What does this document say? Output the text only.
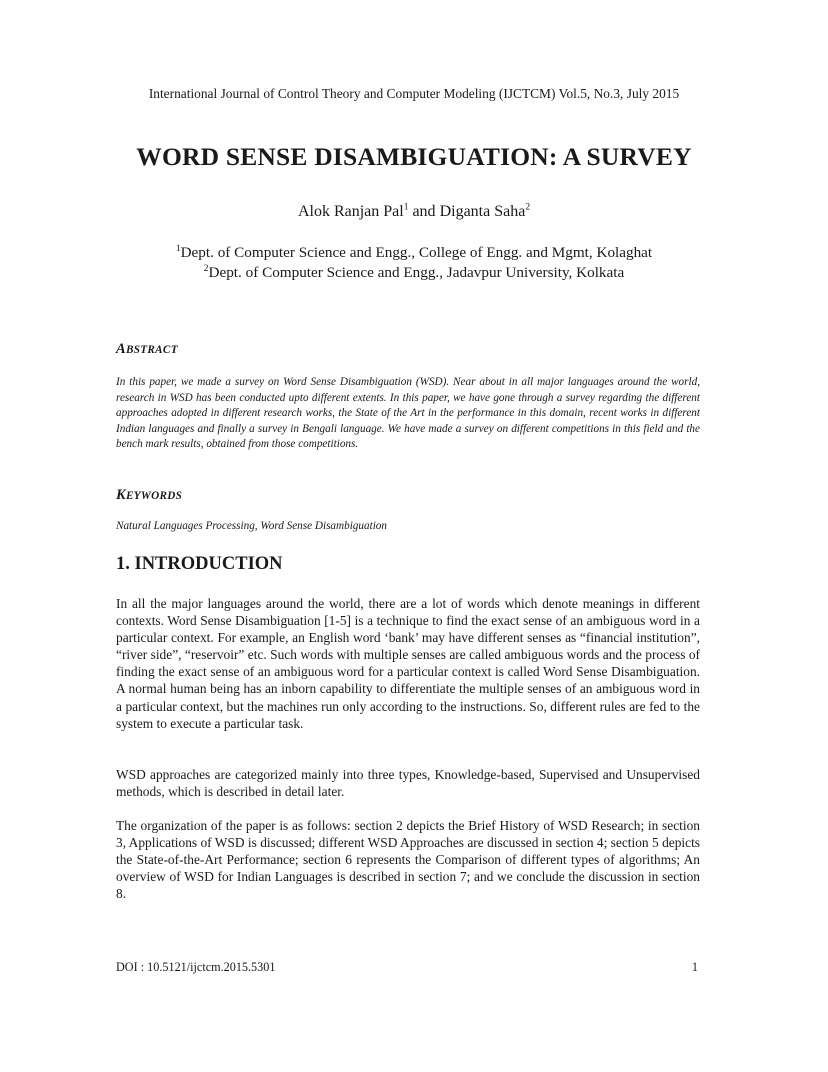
International Journal of Control Theory and Computer Modeling (IJCTCM) Vol.5, No.3, July 2015
WORD SENSE DISAMBIGUATION: A SURVEY
Alok Ranjan Pal$^1$ and Diganta Saha$^2$
$^1$Dept. of Computer Science and Engg., College of Engg. and Mgmt, Kolaghat
$^2$Dept. of Computer Science and Engg., Jadavpur University, Kolkata
ABSTRACT
In this paper, we made a survey on Word Sense Disambiguation (WSD). Near about in all major languages around the world, research in WSD has been conducted upto different extents. In this paper, we have gone through a survey regarding the different approaches adopted in different research works, the State of the Art in the performance in this domain, recent works in different Indian languages and finally a survey in Bengali language. We have made a survey on different competitions in this field and the bench mark results, obtained from those competitions.
KEYWORDS
Natural Languages Processing, Word Sense Disambiguation
1. INTRODUCTION
In all the major languages around the world, there are a lot of words which denote meanings in different contexts. Word Sense Disambiguation [1-5] is a technique to find the exact sense of an ambiguous word in a particular context. For example, an English word ‘bank’ may have different senses as “financial institution”, “river side”, “reservoir” etc. Such words with multiple senses are called ambiguous words and the process of finding the exact sense of an ambiguous word for a particular context is called Word Sense Disambiguation. A normal human being has an inborn capability to differentiate the multiple senses of an ambiguous word in a particular context, but the machines run only according to the instructions. So, different rules are fed to the system to execute a particular task.
WSD approaches are categorized mainly into three types, Knowledge-based, Supervised and Unsupervised methods, which is described in detail later.
The organization of the paper is as follows: section 2 depicts the Brief History of WSD Research; in section 3, Applications of WSD is discussed; different WSD Approaches are discussed in section 4; section 5 depicts the State-of-the-Art Performance; section 6 represents the Comparison of different types of algorithms; An overview of WSD for Indian Languages is described in section 7; and we conclude the discussion in section 8.
DOI : 10.5121/ijctcm.2015.5301	1
